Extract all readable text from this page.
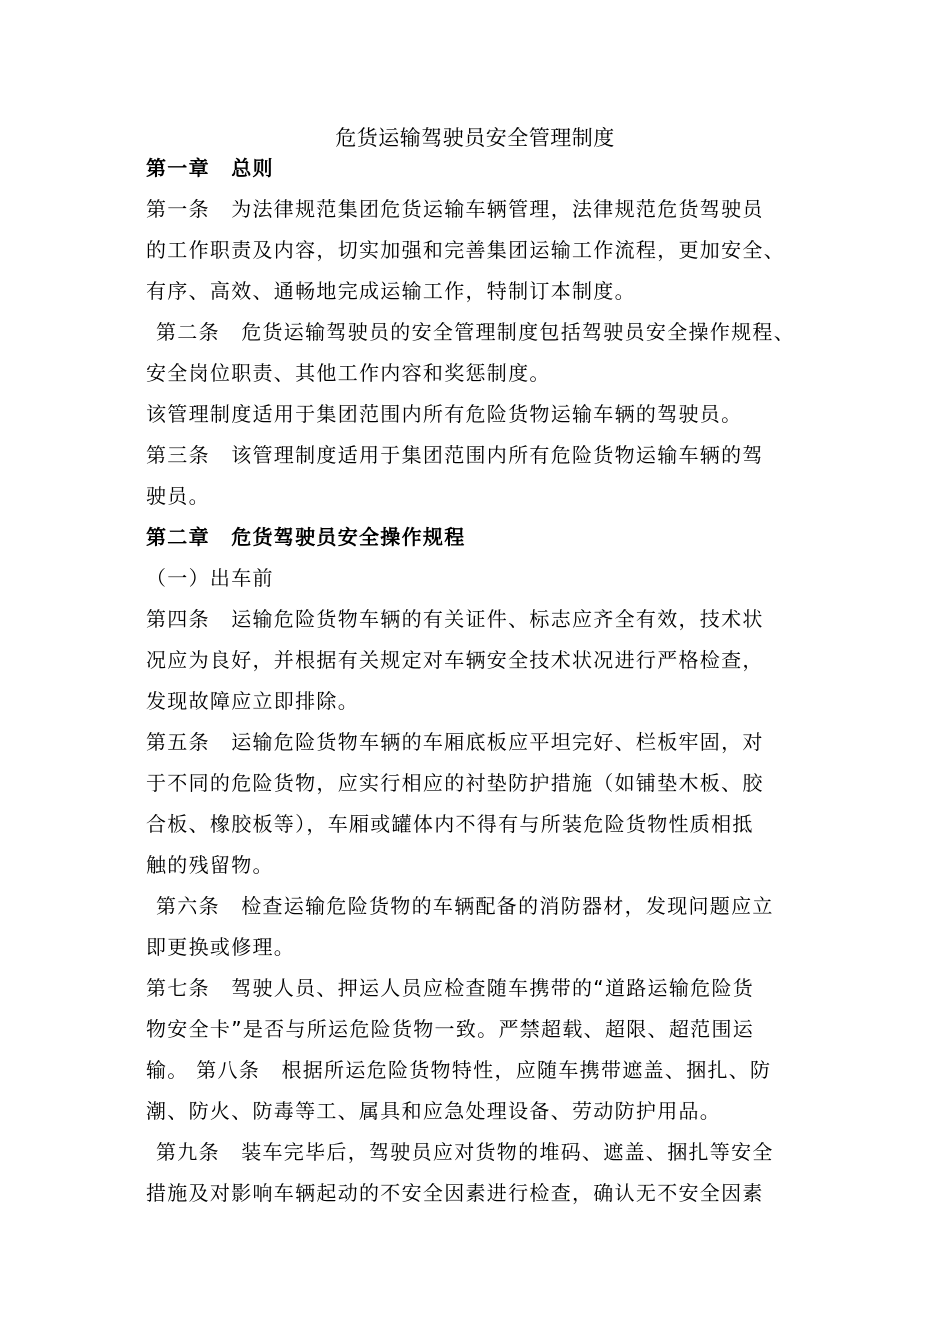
危货运输驾驶员安全管理制度
第一章　总则
第一条　为法律规范集团危货运输车辆管理，法律规范危货驾驶员
的工作职责及内容，切实加强和完善集团运输工作流程，更加安全、
有序、高效、通畅地完成运输工作，特制订本制度。
第二条　危货运输驾驶员的安全管理制度包括驾驶员安全操作规程、
安全岗位职责、其他工作内容和奖惩制度。
该管理制度适用于集团范围内所有危险货物运输车辆的驾驶员。
第三条　该管理制度适用于集团范围内所有危险货物运输车辆的驾
驶员。
第二章　危货驾驶员安全操作规程
（一）出车前
第四条　运输危险货物车辆的有关证件、标志应齐全有效，技术状
况应为良好，并根据有关规定对车辆安全技术状况进行严格检查，
发现故障应立即排除。
第五条　运输危险货物车辆的车厢底板应平坦完好、栏板牢固，对
于不同的危险货物，应实行相应的衬垫防护措施（如铺垫木板、胶
合板、橡胶板等），车厢或罐体内不得有与所装危险货物性质相抵
触的残留物。
第六条　检查运输危险货物的车辆配备的消防器材，发现问题应立
即更换或修理。
第七条　驾驶人员、押运人员应检查随车携带的“道路运输危险货
物安全卡”是否与所运危险货物一致。严禁超载、超限、超范围运
输。 第八条　根据所运危险货物特性，应随车携带遮盖、捆扎、防
潮、防火、防毒等工、属具和应急处理设备、劳动防护用品。
第九条　装车完毕后，驾驶员应对货物的堆码、遮盖、捆扎等安全
措施及对影响车辆起动的不安全因素进行检查，确认无不安全因素
